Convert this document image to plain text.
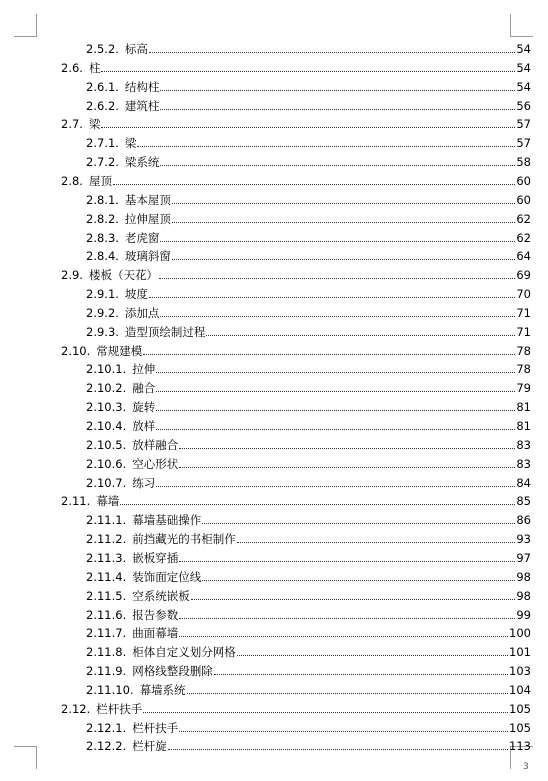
2.5.2. 标高	54
2.6. 柱	54
2.6.1. 结构柱	54
2.6.2. 建筑柱	56
2.7. 梁	57
2.7.1. 梁	57
2.7.2. 梁系统	58
2.8. 屋顶	60
2.8.1. 基本屋顶	60
2.8.2. 拉伸屋顶	62
2.8.3. 老虎窗	62
2.8.4. 玻璃斜窗	64
2.9. 楼板（天花）	69
2.9.1. 坡度	70
2.9.2. 添加点	71
2.9.3. 造型顶绘制过程	71
2.10. 常规建模	78
2.10.1. 拉伸	78
2.10.2. 融合	79
2.10.3. 旋转	81
2.10.4. 放样	81
2.10.5. 放样融合	83
2.10.6. 空心形状	83
2.10.7. 练习	84
2.11. 幕墙	85
2.11.1. 幕墙基础操作	86
2.11.2. 前挡藏光的书柜制作	93
2.11.3. 嵌板穿插	97
2.11.4. 装饰面定位线	98
2.11.5. 空系统嵌板	98
2.11.6. 报告参数	99
2.11.7. 曲面幕墙	100
2.11.8. 柜体自定义划分网格	101
2.11.9. 网格线整段删除	103
2.11.10. 幕墙系统	104
2.12. 栏杆扶手	105
2.12.1. 栏杆扶手	105
2.12.2. 栏杆旋	113
3
